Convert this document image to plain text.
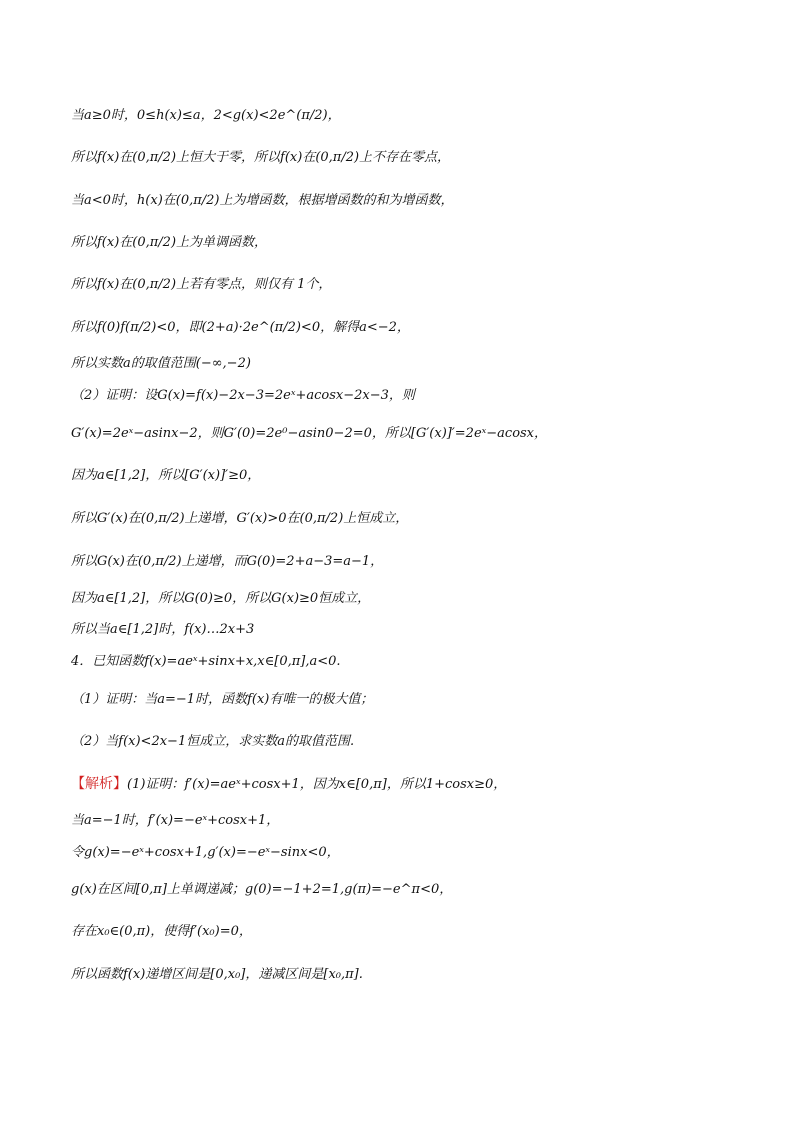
当a≥0时，0≤h(x)≤a，2<g(x)<2e^(π/2)，
所以f(x)在(0,π/2)上恒大于零，所以f(x)在(0,π/2)上不存在零点，
当a<0时，h(x)在(0,π/2)上为增函数，根据增函数的和为增函数，
所以f(x)在(0,π/2)上为单调函数，
所以f(x)在(0,π/2)上若有零点，则仅有 1个，
所以f(0)f(π/2)<0，即(2+a)·2e^(π/2)<0，解得a<−2，
所以实数a的取值范围(−∞,−2)
（2）证明：设G(x)=f(x)−2x−3=2eˣ+acosx−2x−3，则
G′(x)=2eˣ−asinx−2，则G′(0)=2e⁰−asin0−2=0，所以[G′(x)]′=2eˣ−acosx，
因为a∈[1,2]，所以[G′(x)]′≥0，
所以G′(x)在(0,π/2)上递增，G′(x)>0在(0,π/2)上恒成立，
所以G(x)在(0,π/2)上递增，而G(0)=2+a−3=a−1，
因为a∈[1,2]，所以G(0)≥0，所以G(x)≥0恒成立，
所以当a∈[1,2]时，f(x)…2x+3
4．已知函数f(x)=aeˣ+sinx+x,x∈[0,π],a<0.
（1）证明：当a=−1时，函数f(x)有唯一的极大值；
（2）当f(x)<2x−1恒成立，求实数a的取值范围.
【解析】(1)证明：f′(x)=aeˣ+cosx+1，因为x∈[0,π]，所以1+cosx≥0，
当a=−1时，f′(x)=−eˣ+cosx+1，
令g(x)=−eˣ+cosx+1,g′(x)=−eˣ−sinx<0，
g(x)在区间[0,π]上单调递减；g(0)=−1+2=1,g(π)=−e^π<0，
存在x₀∈(0,π)，使得f′(x₀)=0，
所以函数f(x)递增区间是[0,x₀]，递减区间是[x₀,π].
